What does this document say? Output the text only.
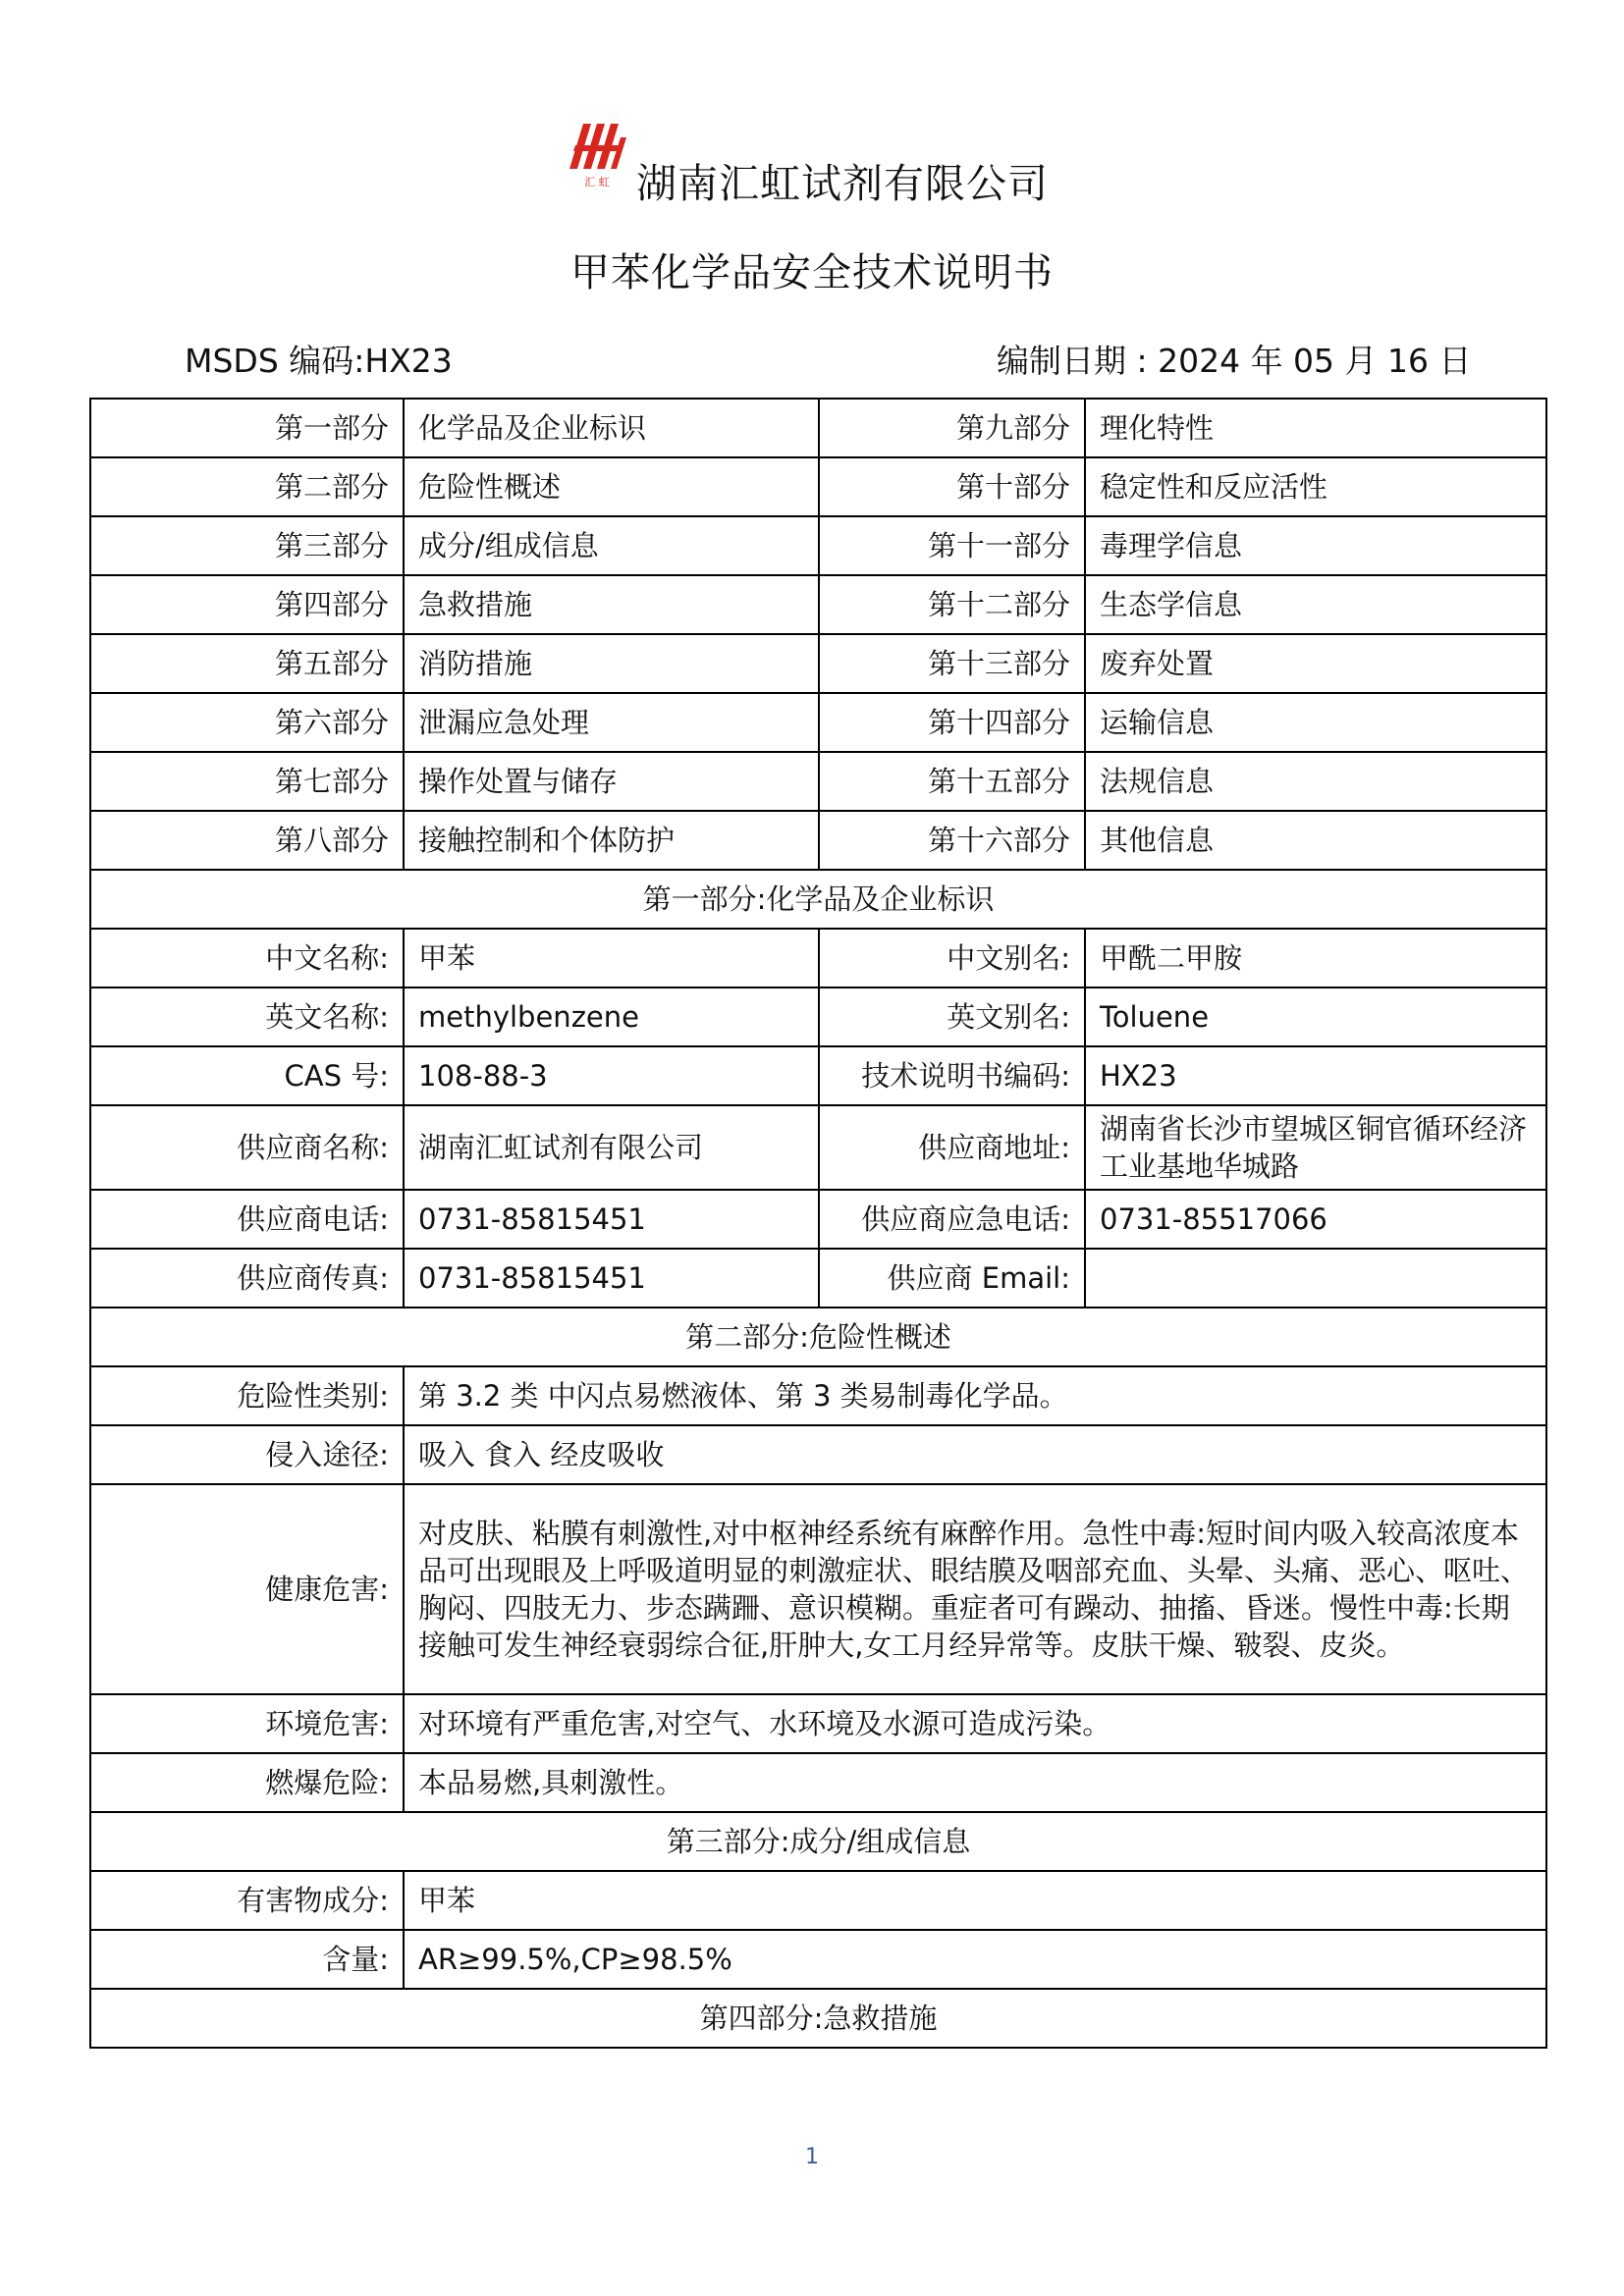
汇 虹 湖南汇虹试剂有限公司
甲苯化学品安全技术说明书
MSDS 编码:HX23	编制日期 : 2024 年 05 月 16 日
第一部分	化学品及企业标识	第九部分	理化特性
第二部分	危险性概述	第十部分	稳定性和反应活性
第三部分	成分/组成信息	第十一部分	毒理学信息
第四部分	急救措施	第十二部分	生态学信息
第五部分	消防措施	第十三部分	废弃处置
第六部分	泄漏应急处理	第十四部分	运输信息
第七部分	操作处置与储存	第十五部分	法规信息
第八部分	接触控制和个体防护	第十六部分	其他信息
第一部分:化学品及企业标识			
中文名称:	甲苯	中文别名:	甲酰二甲胺
英文名称:	methylbenzene	英文别名:	Toluene
CAS 号:	108-88-3	技术说明书编码:	HX23
供应商名称:	湖南汇虹试剂有限公司	供应商地址:	湖南省长沙市望城区铜官循环经济工业基地华城路
供应商电话:	0731-85815451	供应商应急电话:	0731-85517066
供应商传真:	0731-85815451	供应商 Email:	
第二部分:危险性概述			
危险性类别:	第 3.2 类 中闪点易燃液体、第 3 类易制毒化学品。		
侵入途径:	吸入 食入 经皮吸收		
健康危害:	对皮肤、粘膜有刺激性,对中枢神经系统有麻醉作用。急性中毒:短时间内吸入较高浓度本品可出现眼及上呼吸道明显的刺激症状、眼结膜及咽部充血、头晕、头痛、恶心、呕吐、胸闷、四肢无力、步态蹒跚、意识模糊。重症者可有躁动、抽搐、昏迷。慢性中毒:长期接触可发生神经衰弱综合征,肝肿大,女工月经异常等。皮肤干燥、皲裂、皮炎。		
环境危害:	对环境有严重危害,对空气、水环境及水源可造成污染。		
燃爆危险:	本品易燃,具刺激性。		
第三部分:成分/组成信息			
有害物成分:	甲苯		
含量:	AR≥99.5%,CP≥98.5%		
第四部分:急救措施			
1
